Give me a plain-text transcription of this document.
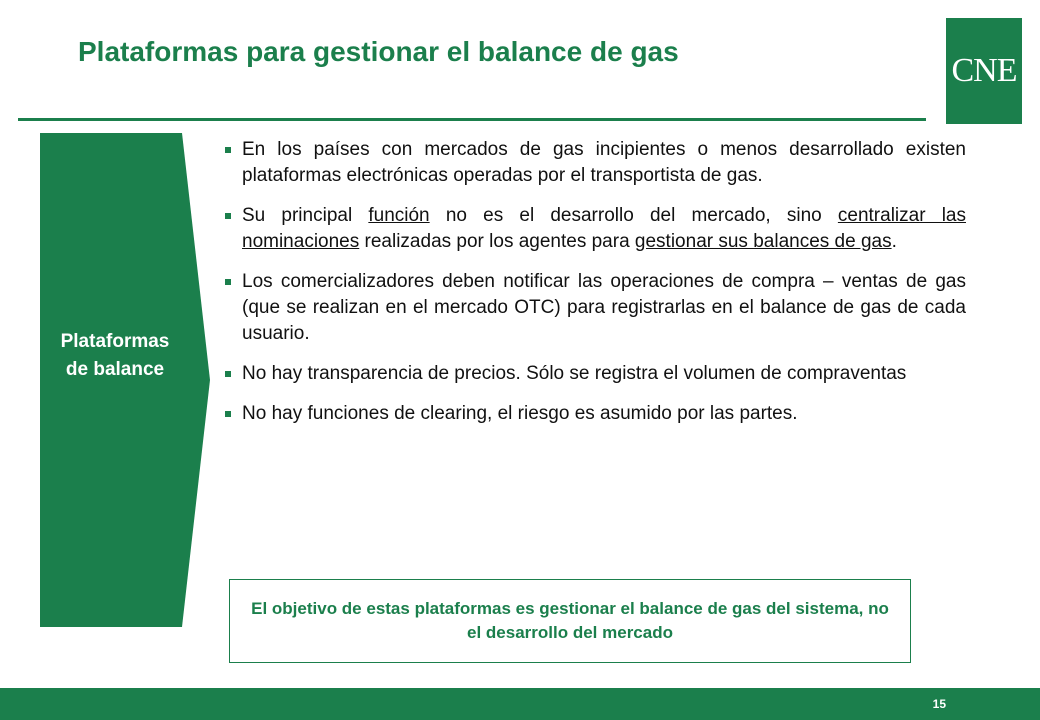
Plataformas para gestionar el balance de gas
CNE
Plataformas
de balance
En los países con mercados de gas incipientes o menos desarrollado existen plataformas electrónicas operadas por el transportista de gas.
Su principal función no es el desarrollo del mercado, sino centralizar las nominaciones realizadas por los agentes para gestionar sus balances de gas.
Los comercializadores deben notificar las operaciones de compra – ventas de gas (que se realizan en el mercado OTC) para registrarlas en el balance de gas de cada usuario.
No hay transparencia de precios. Sólo se registra el volumen de compraventas
No hay funciones de clearing, el riesgo es asumido por las partes.
El objetivo de estas plataformas es gestionar el balance de gas del sistema, no el desarrollo del mercado
15
